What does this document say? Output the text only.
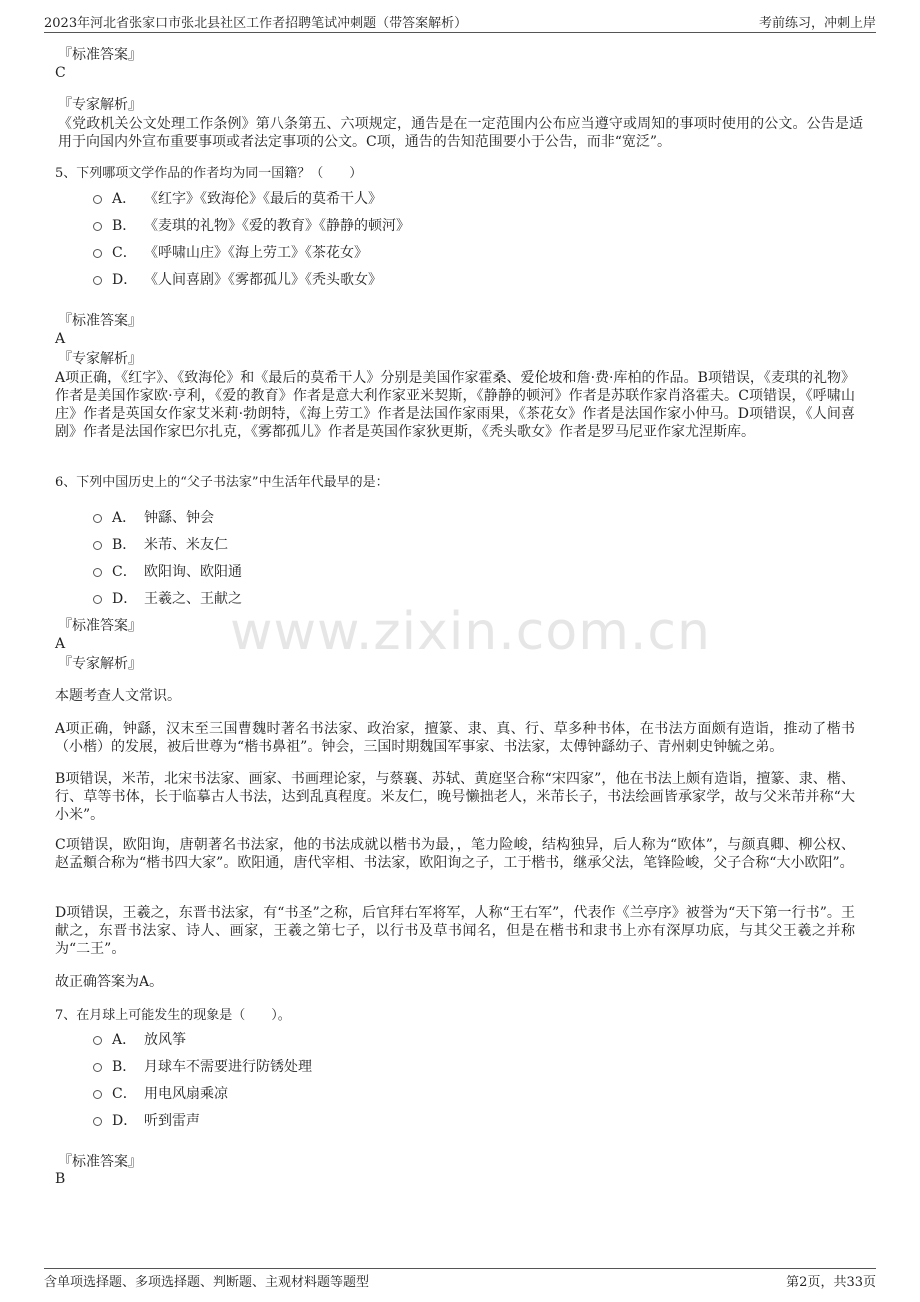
2023年河北省张家口市张北县社区工作者招聘笔试冲刺题（带答案解析）	考前练习，冲刺上岸
www.zixin.com.cn
『标准答案』
C
『专家解析』
《党政机关公文处理工作条例》第八条第五、六项规定，通告是在一定范围内公布应当遵守或周知的事项时使用的公文。公告是适用于向国内外宣布重要事项或者法定事项的公文。C项，通告的告知范围要小于公告，而非“宽泛”。
5、下列哪项文学作品的作者均为同一国籍？（　　）
A． 《红字》《致海伦》《最后的莫希干人》
B． 《麦琪的礼物》《爱的教育》《静静的顿河》
C． 《呼啸山庄》《海上劳工》《茶花女》
D． 《人间喜剧》《雾都孤儿》《秃头歌女》
『标准答案』
A
『专家解析』
A项正确，《红字》、《致海伦》和《最后的莫希干人》分别是美国作家霍桑、爱伦坡和詹·费·库柏的作品。B项错误，《麦琪的礼物》作者是美国作家欧·亨利，《爱的教育》作者是意大利作家亚米契斯，《静静的顿河》作者是苏联作家肖洛霍夫。C项错误，《呼啸山庄》作者是英国女作家艾米莉·勃朗特，《海上劳工》作者是法国作家雨果，《茶花女》作者是法国作家小仲马。D项错误，《人间喜剧》作者是法国作家巴尔扎克，《雾都孤儿》作者是英国作家狄更斯，《秃头歌女》作者是罗马尼亚作家尤涅斯库。
6、下列中国历史上的“父子书法家”中生活年代最早的是：
A． 钟繇、钟会
B． 米芾、米友仁
C． 欧阳询、欧阳通
D． 王羲之、王献之
『标准答案』
A
『专家解析』
本题考查人文常识。
A项正确，钟繇，汉末至三国曹魏时著名书法家、政治家，擅篆、隶、真、行、草多种书体，在书法方面颇有造诣，推动了楷书（小楷）的发展，被后世尊为“楷书鼻祖”。钟会，三国时期魏国军事家、书法家，太傅钟繇幼子、青州刺史钟毓之弟。
B项错误，米芾，北宋书法家、画家、书画理论家，与蔡襄、苏轼、黄庭坚合称“宋四家”，他在书法上颇有造诣，擅篆、隶、楷、行、草等书体，长于临摹古人书法，达到乱真程度。米友仁，晚号懒拙老人，米芾长子，书法绘画皆承家学，故与父米芾并称“大小米”。
C项错误，欧阳询，唐朝著名书法家，他的书法成就以楷书为最，，笔力险峻，结构独异，后人称为“欧体”，与颜真卿、柳公权、赵孟頫合称为“楷书四大家”。欧阳通，唐代宰相、书法家，欧阳询之子，工于楷书，继承父法，笔锋险峻，父子合称“大小欧阳”。
D项错误，王羲之，东晋书法家，有“书圣”之称，后官拜右军将军，人称“王右军”，代表作《兰亭序》被誉为“天下第一行书”。王献之，东晋书法家、诗人、画家，王羲之第七子，以行书及草书闻名，但是在楷书和隶书上亦有深厚功底，与其父王羲之并称为“二王”。
故正确答案为A。
7、在月球上可能发生的现象是（　　）。
A． 放风筝
B． 月球车不需要进行防锈处理
C． 用电风扇乘凉
D． 听到雷声
『标准答案』
B
含单项选择题、多项选择题、判断题、主观材料题等题型	第2页，共33页
